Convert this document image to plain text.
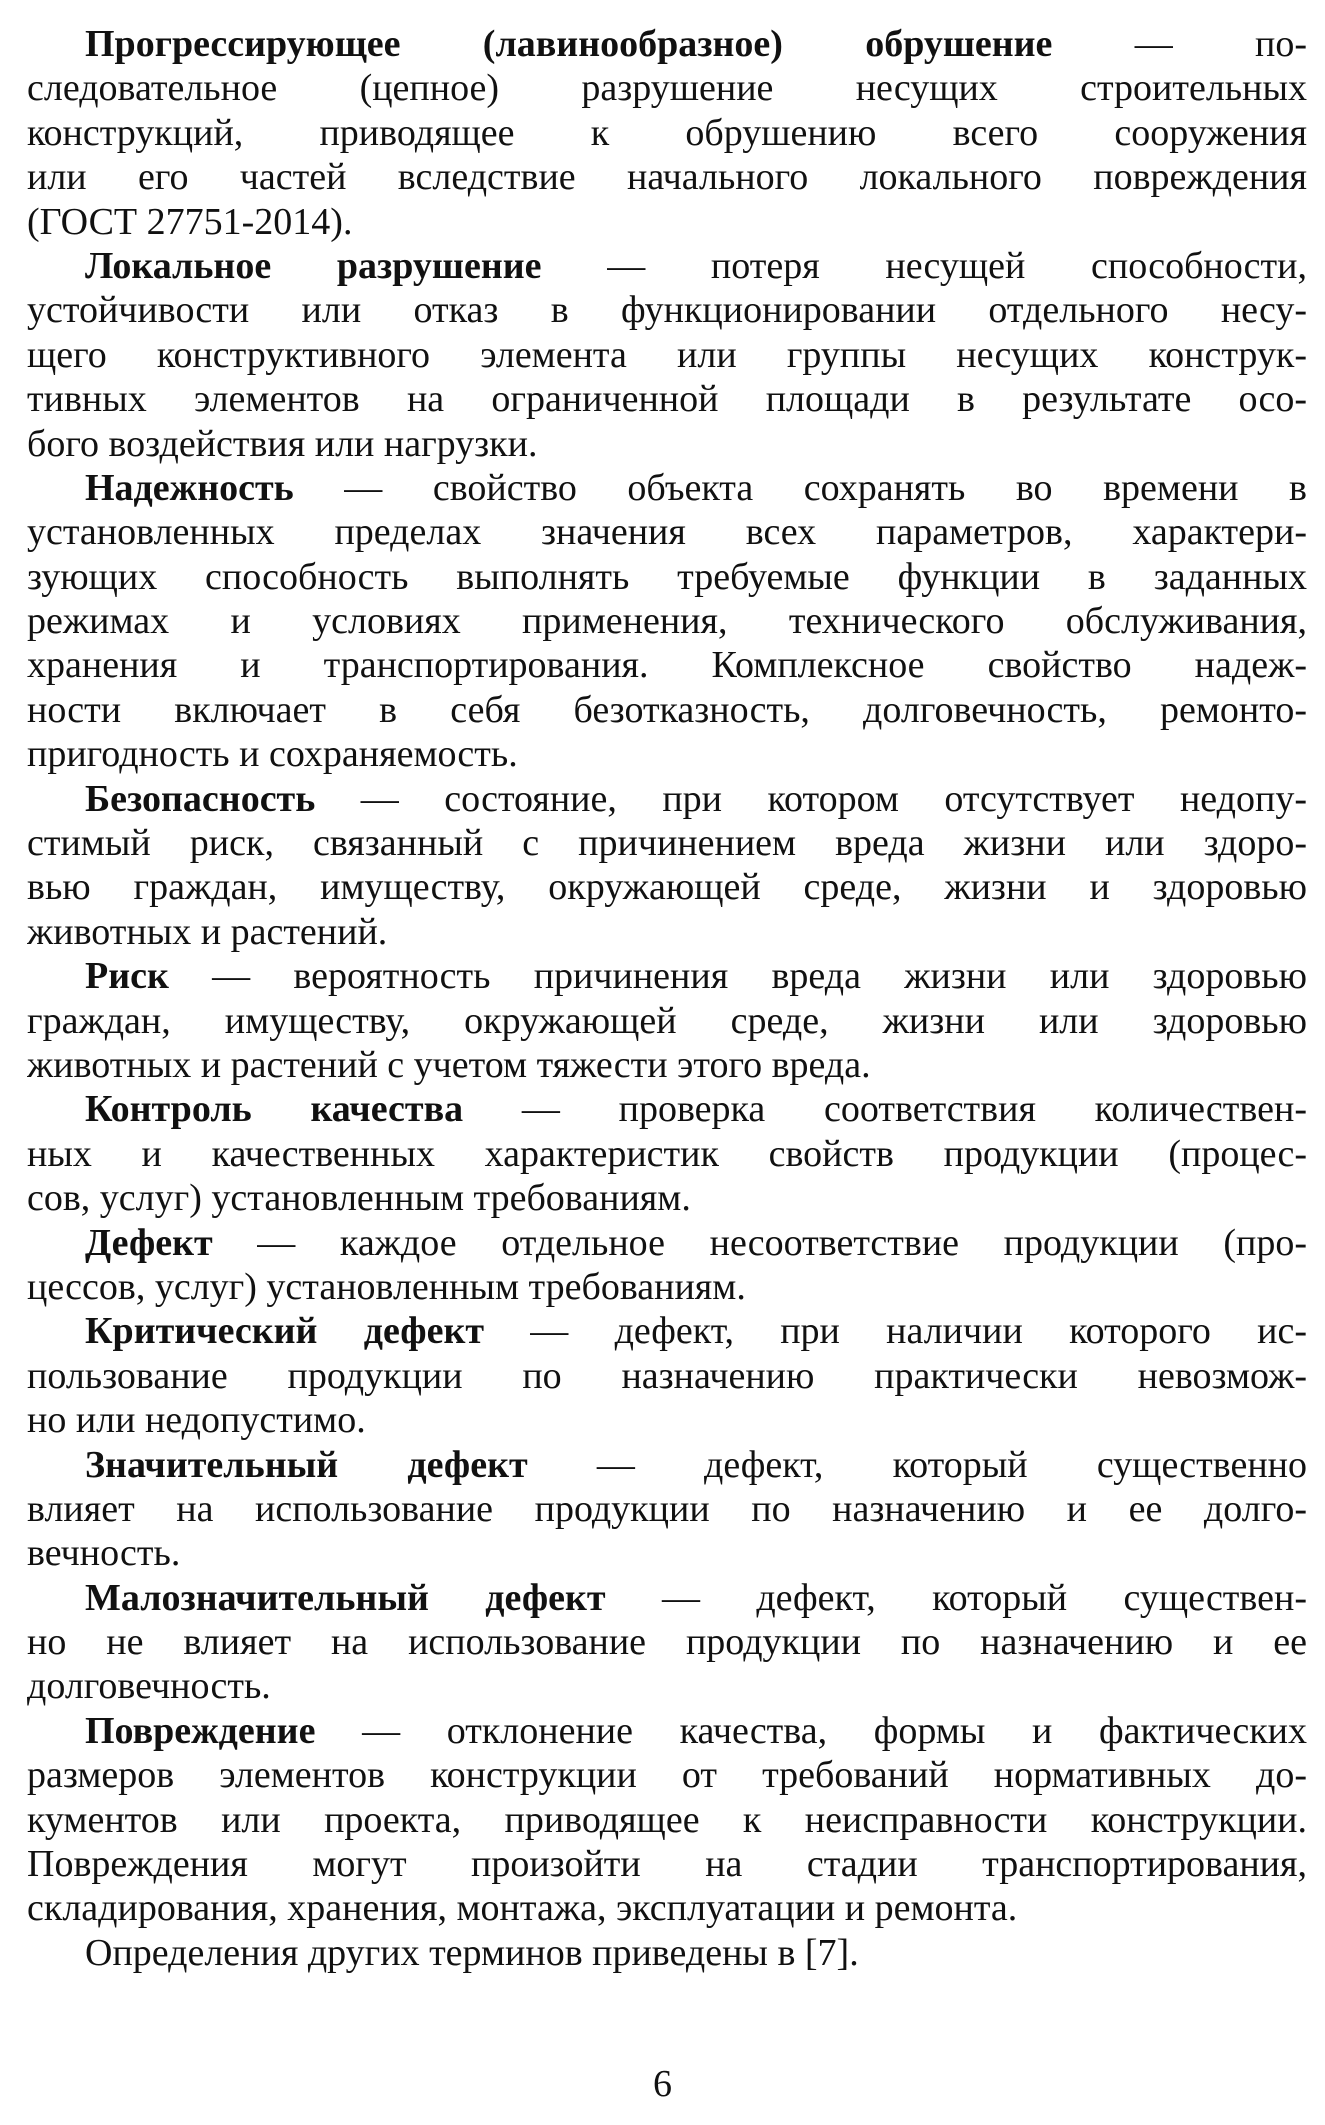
Прогрессирующее (лавинообразное) обрушение — по-
следовательное (цепное) разрушение несущих строительных
конструкций, приводящее к обрушению всего сооружения
или его частей вследствие начального локального повреждения
(ГОСТ 27751-2014).
Локальное разрушение — потеря несущей способности,
устойчивости или отказ в функционировании отдельного несу-
щего конструктивного элемента или группы несущих конструк-
тивных элементов на ограниченной площади в результате осо-
бого воздействия или нагрузки.
Надежность — свойство объекта сохранять во времени в
установленных пределах значения всех параметров, характери-
зующих способность выполнять требуемые функции в заданных
режимах и условиях применения, технического обслуживания,
хранения и транспортирования. Комплексное свойство надеж-
ности включает в себя безотказность, долговечность, ремонто-
пригодность и сохраняемость.
Безопасность — состояние, при котором отсутствует недопу-
стимый риск, связанный с причинением вреда жизни или здоро-
вью граждан, имуществу, окружающей среде, жизни и здоровью
животных и растений.
Риск — вероятность причинения вреда жизни или здоровью
граждан, имуществу, окружающей среде, жизни или здоровью
животных и растений с учетом тяжести этого вреда.
Контроль качества — проверка соответствия количествен-
ных и качественных характеристик свойств продукции (процес-
сов, услуг) установленным требованиям.
Дефект — каждое отдельное несоответствие продукции (про-
цессов, услуг) установленным требованиям.
Критический дефект — дефект, при наличии которого ис-
пользование продукции по назначению практически невозмож-
но или недопустимо.
Значительный дефект — дефект, который существенно
влияет на использование продукции по назначению и ее долго-
вечность.
Малозначительный дефект — дефект, который существен-
но не влияет на использование продукции по назначению и ее
долговечность.
Повреждение — отклонение качества, формы и фактических
размеров элементов конструкции от требований нормативных до-
кументов или проекта, приводящее к неисправности конструкции.
Повреждения могут произойти на стадии транспортирования,
складирования, хранения, монтажа, эксплуатации и ремонта.
Определения других терминов приведены в [7].
6
